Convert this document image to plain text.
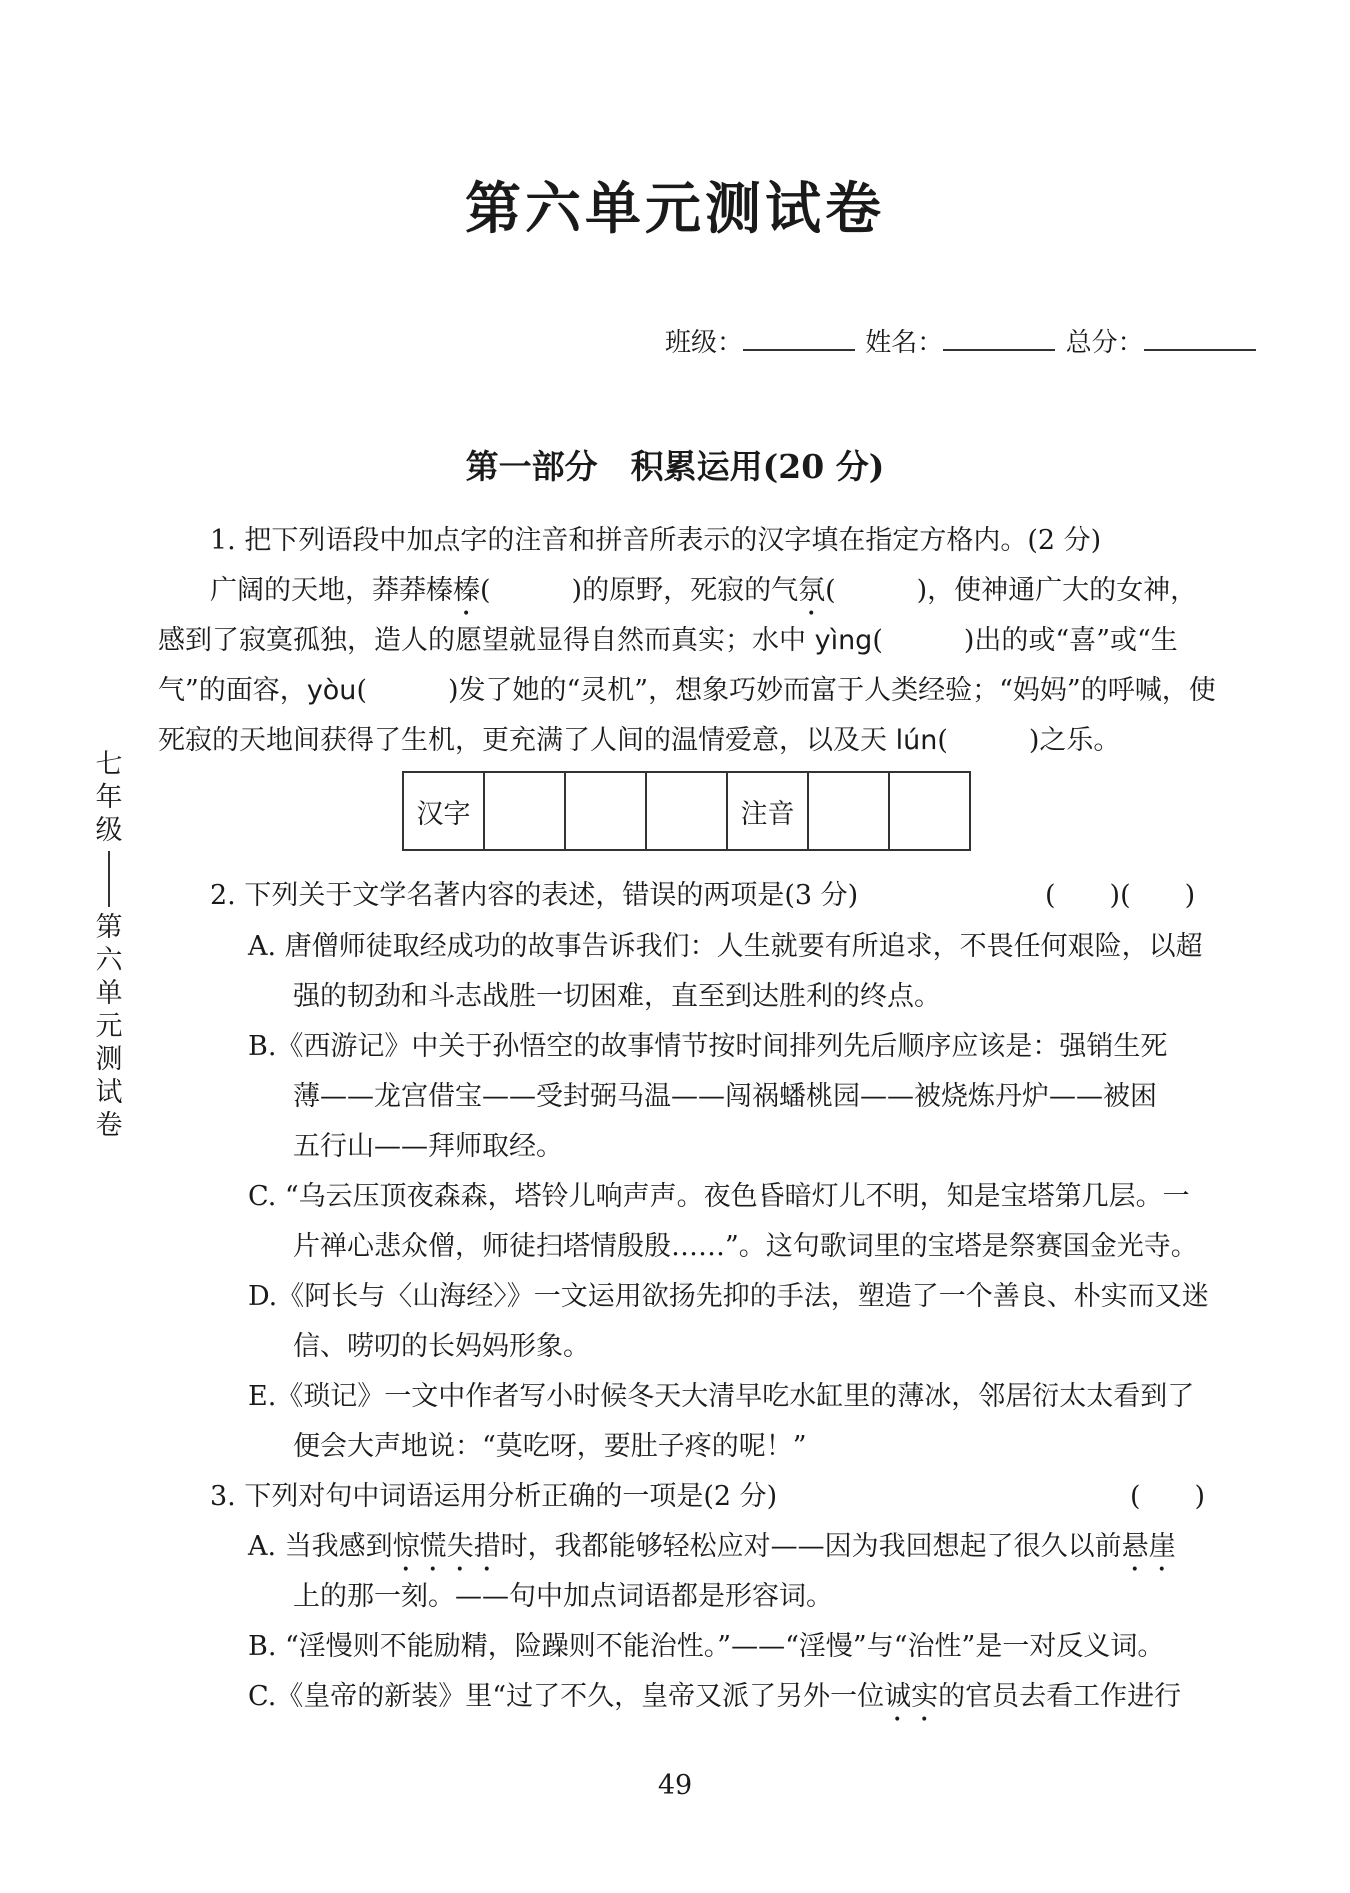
第六单元测试卷
班级：	姓名：	总分：
第一部分　积累运用(20 分)
1. 把下列语段中加点字的注音和拼音所表示的汉字填在指定方格内。(2 分)
广阔的天地，莽莽榛榛(　　　)的原野，死寂的气氛(　　　)，使神通广大的女神，
感到了寂寞孤独，造人的愿望就显得自然而真实；水中 yìng(　　　)出的或“喜”或“生
气”的面容，yòu(　　　)发了她的“灵机”，想象巧妙而富于人类经验；“妈妈”的呼喊，使
死寂的天地间获得了生机，更充满了人间的温情爱意，以及天 lún(　　　)之乐。
汉字				注音		
2. 下列关于文学名著内容的表述，错误的两项是(3 分)	(　　)(　　)
A. 唐僧师徒取经成功的故事告诉我们：人生就要有所追求，不畏任何艰险，以超
强的韧劲和斗志战胜一切困难，直至到达胜利的终点。
B.《西游记》中关于孙悟空的故事情节按时间排列先后顺序应该是：强销生死
薄——龙宫借宝——受封弼马温——闯祸蟠桃园——被烧炼丹炉——被困
五行山——拜师取经。
C. “乌云压顶夜森森，塔铃儿响声声。夜色昏暗灯儿不明，知是宝塔第几层。一
片禅心悲众僧，师徒扫塔情殷殷……”。这句歌词里的宝塔是祭赛国金光寺。
D.《阿长与〈山海经〉》一文运用欲扬先抑的手法，塑造了一个善良、朴实而又迷
信、唠叨的长妈妈形象。
E.《琐记》一文中作者写小时候冬天大清早吃水缸里的薄冰，邻居衍太太看到了
便会大声地说：“莫吃呀，要肚子疼的呢！”
3. 下列对句中词语运用分析正确的一项是(2 分)	(　　)
A. 当我感到惊慌失措时，我都能够轻松应对——因为我回想起了很久以前悬崖
上的那一刻。——句中加点词语都是形容词。
B. “淫慢则不能励精，险躁则不能治性。”——“淫慢”与“治性”是一对反义词。
C.《皇帝的新装》里“过了不久，皇帝又派了另外一位诚实的官员去看工作进行
七年级
第六单元测试卷
49
